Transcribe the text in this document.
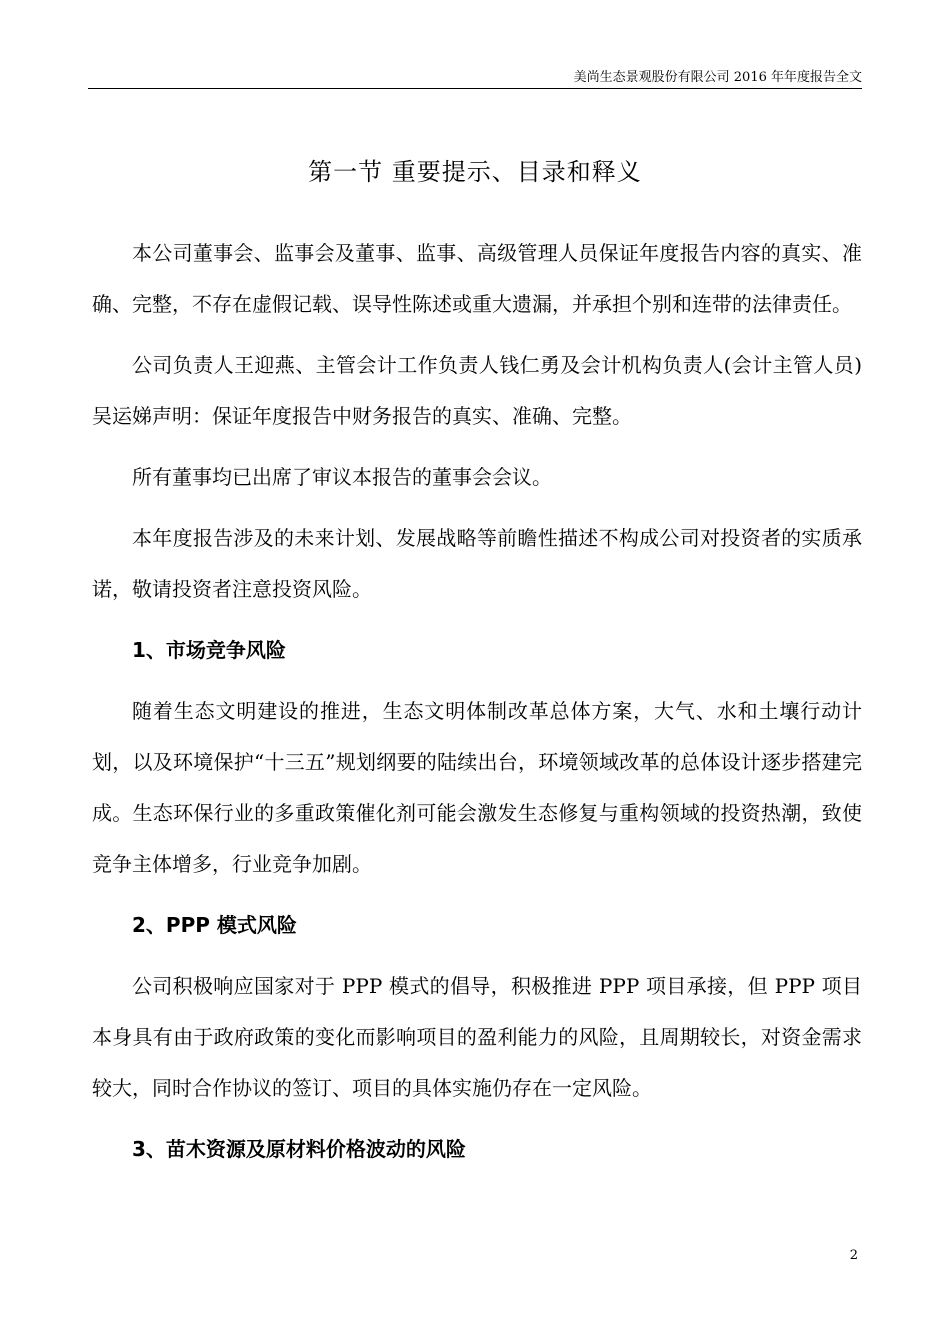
美尚生态景观股份有限公司 2016 年年度报告全文
第一节 重要提示、目录和释义

本公司董事会、监事会及董事、监事、高级管理人员保证年度报告内容的真实、准确、完整，不存在虚假记载、误导性陈述或重大遗漏，并承担个别和连带的法律责任。

公司负责人王迎燕、主管会计工作负责人钱仁勇及会计机构负责人(会计主管人员)吴运娣声明：保证年度报告中财务报告的真实、准确、完整。

所有董事均已出席了审议本报告的董事会会议。

本年度报告涉及的未来计划、发展战略等前瞻性描述不构成公司对投资者的实质承诺，敬请投资者注意投资风险。

1、市场竞争风险

随着生态文明建设的推进，生态文明体制改革总体方案，大气、水和土壤行动计划，以及环境保护“十三五”规划纲要的陆续出台，环境领域改革的总体设计逐步搭建完成。生态环保行业的多重政策催化剂可能会激发生态修复与重构领域的投资热潮，致使竞争主体增多，行业竞争加剧。

2、PPP 模式风险

公司积极响应国家对于 PPP 模式的倡导，积极推进 PPP 项目承接，但 PPP 项目本身具有由于政府政策的变化而影响项目的盈利能力的风险，且周期较长，对资金需求较大，同时合作协议的签订、项目的具体实施仍存在一定风险。

3、苗木资源及原材料价格波动的风险

2
